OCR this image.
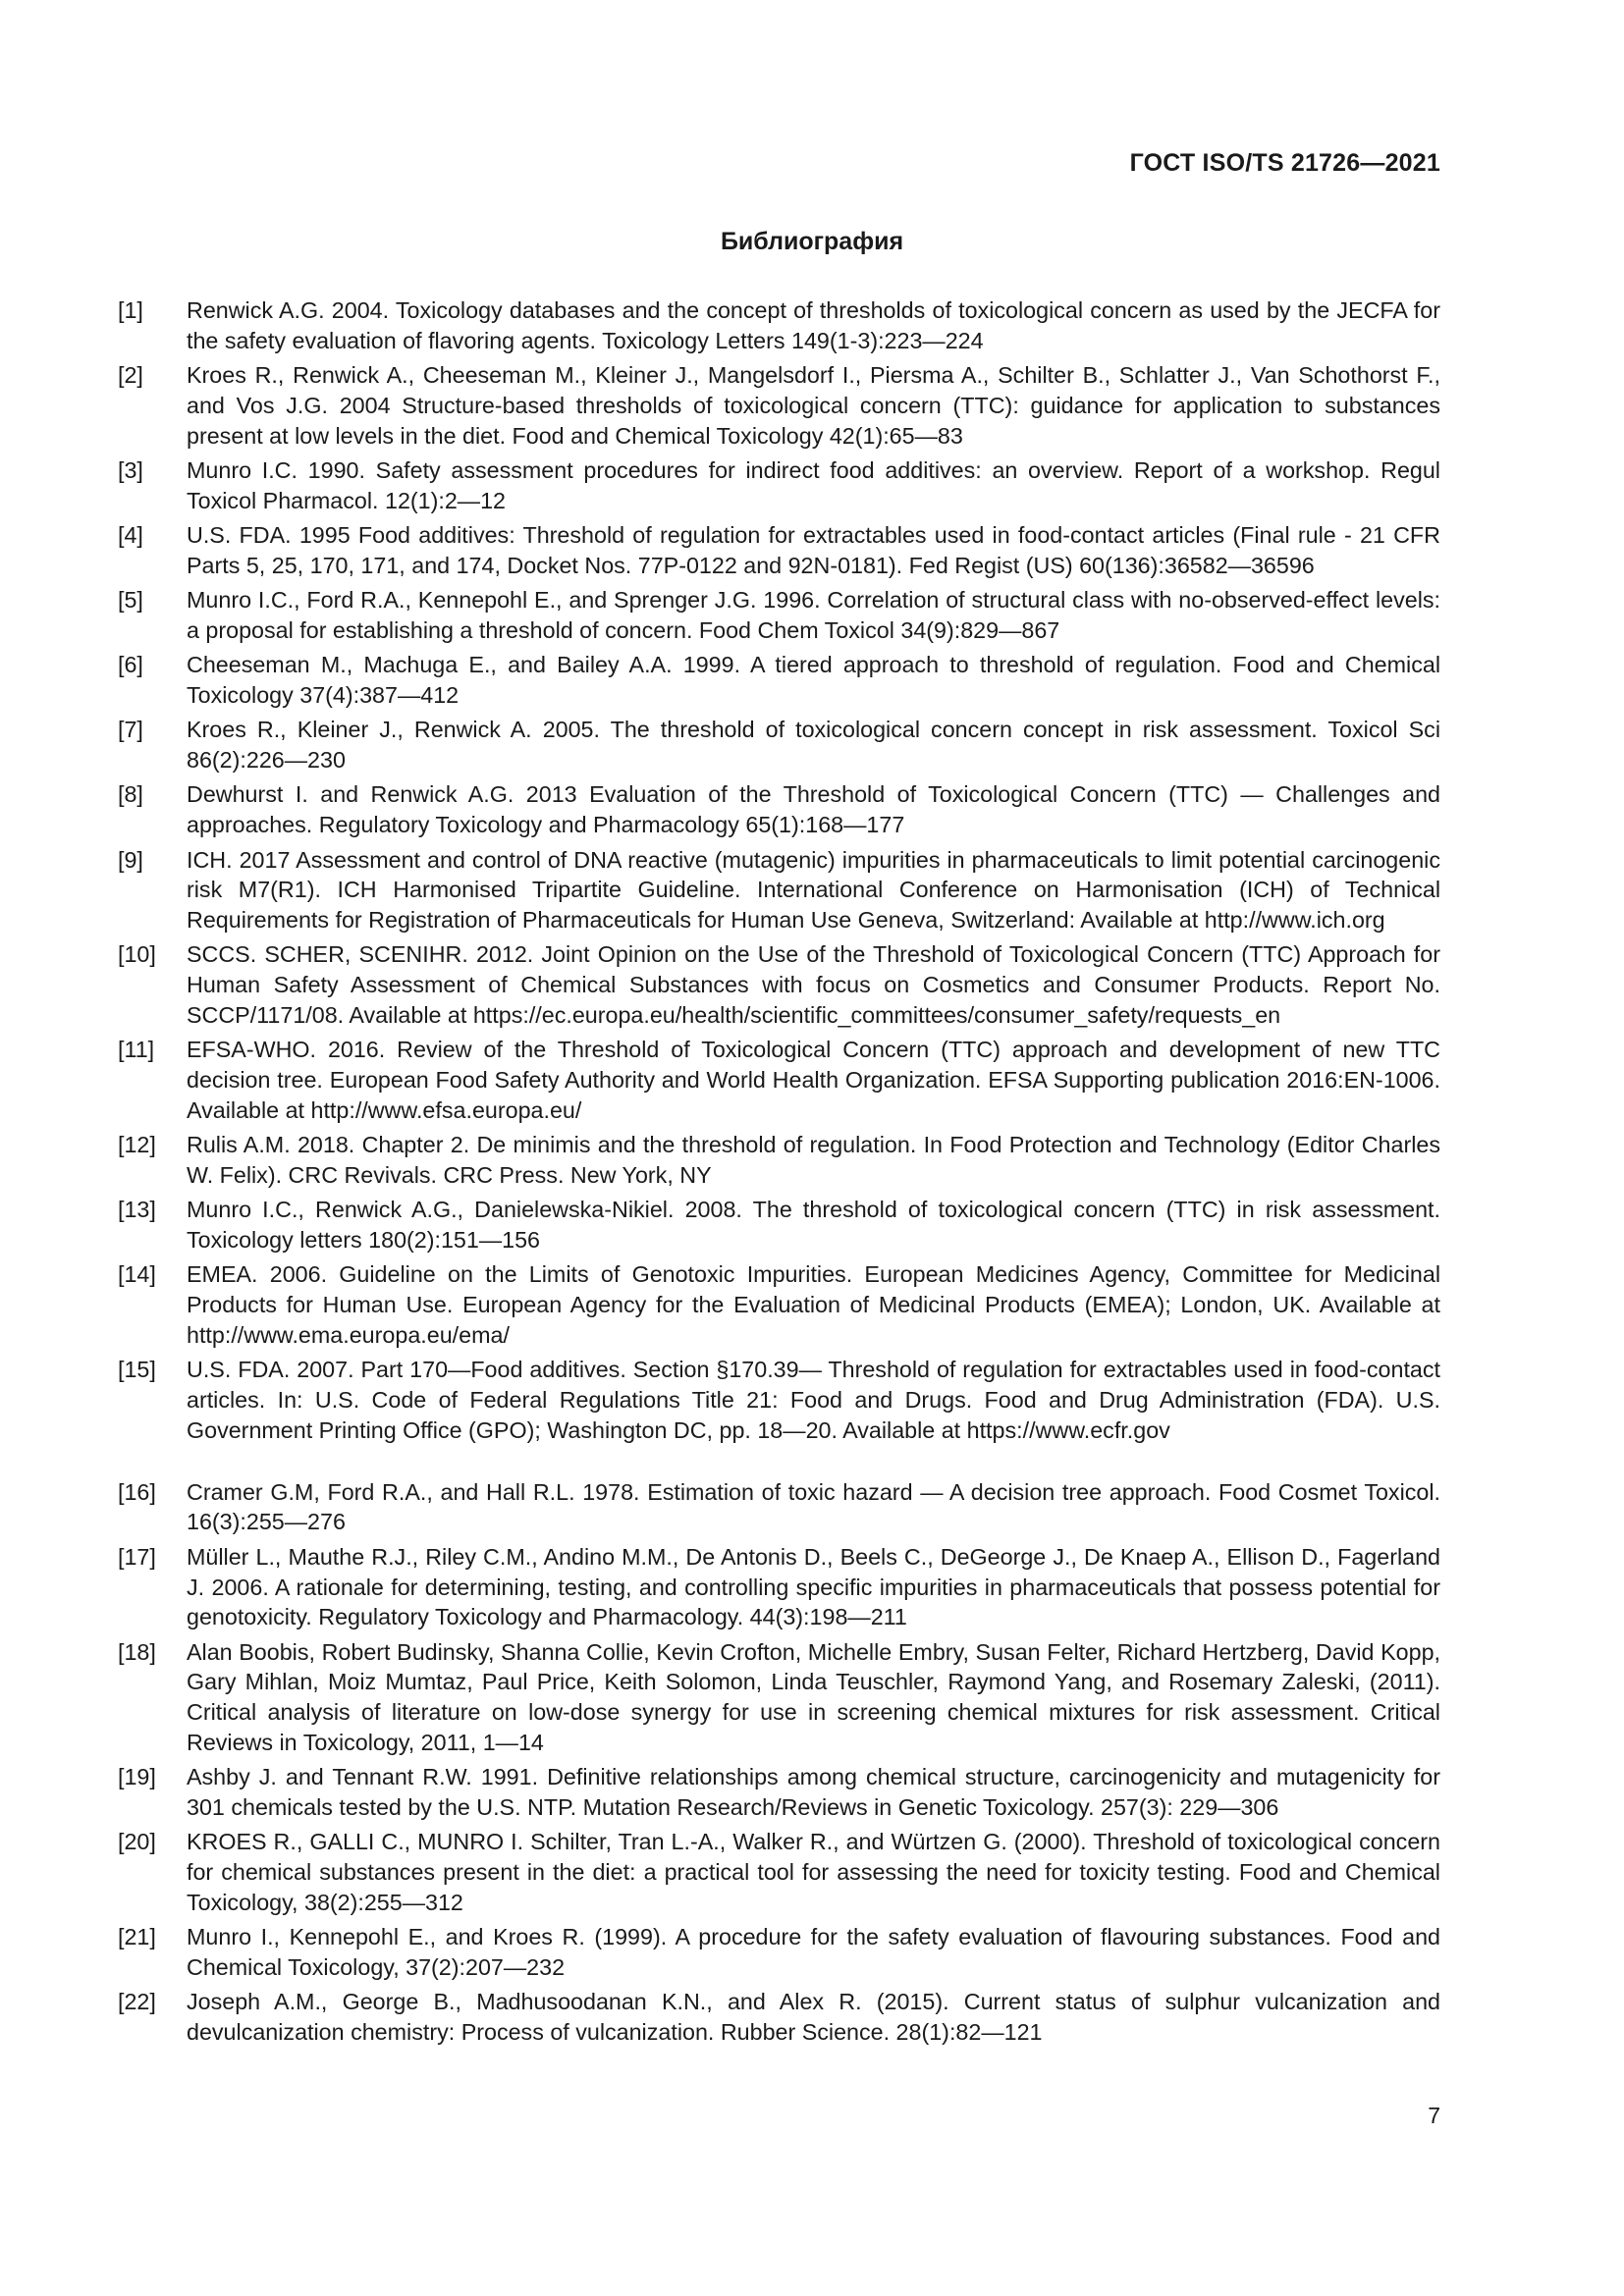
ГОСТ ISO/TS 21726—2021
Библиография
[1]	Renwick A.G. 2004. Toxicology databases and the concept of thresholds of toxicological concern as used by the JECFA for the safety evaluation of flavoring agents. Toxicology Letters 149(1-3):223—224
[2]	Kroes R., Renwick A., Cheeseman M., Kleiner J., Mangelsdorf I., Piersma A., Schilter B., Schlatter J., Van Schothorst F., and Vos J.G. 2004 Structure-based thresholds of toxicological concern (TTC): guidance for application to substances present at low levels in the diet. Food and Chemical Toxicology 42(1):65—83
[3]	Munro I.C. 1990. Safety assessment procedures for indirect food additives: an overview. Report of a workshop. Regul Toxicol Pharmacol. 12(1):2—12
[4]	U.S. FDA. 1995 Food additives: Threshold of regulation for extractables used in food-contact articles (Final rule - 21 CFR Parts 5, 25, 170, 171, and 174, Docket Nos. 77P-0122 and 92N-0181). Fed Regist (US) 60(136):36582—36596
[5]	Munro I.C., Ford R.A., Kennepohl E., and Sprenger J.G. 1996. Correlation of structural class with no-observed-effect levels: a proposal for establishing a threshold of concern. Food Chem Toxicol 34(9):829—867
[6]	Cheeseman M., Machuga E., and Bailey A.A. 1999. A tiered approach to threshold of regulation. Food and Chemical Toxicology 37(4):387—412
[7]	Kroes R., Kleiner J., Renwick A. 2005. The threshold of toxicological concern concept in risk assessment. Toxicol Sci 86(2):226—230
[8]	Dewhurst I. and Renwick A.G. 2013 Evaluation of the Threshold of Toxicological Concern (TTC) — Challenges and approaches. Regulatory Toxicology and Pharmacology 65(1):168—177
[9]	ICH. 2017 Assessment and control of DNA reactive (mutagenic) impurities in pharmaceuticals to limit potential carcinogenic risk M7(R1). ICH Harmonised Tripartite Guideline. International Conference on Harmonisation (ICH) of Technical Requirements for Registration of Pharmaceuticals for Human Use Geneva, Switzerland: Available at http://www.ich.org
[10]	SCCS. SCHER, SCENIHR. 2012. Joint Opinion on the Use of the Threshold of Toxicological Concern (TTC) Approach for Human Safety Assessment of Chemical Substances with focus on Cosmetics and Consumer Products. Report No. SCCP/1171/08. Available at https://ec.europa.eu/health/scientific_committees/consumer_safety/requests_en
[11]	EFSA-WHO. 2016. Review of the Threshold of Toxicological Concern (TTC) approach and development of new TTC decision tree. European Food Safety Authority and World Health Organization. EFSA Supporting publication 2016:EN-1006. Available at http://www.efsa.europa.eu/
[12]	Rulis A.M. 2018. Chapter 2. De minimis and the threshold of regulation. In Food Protection and Technology (Editor Charles W. Felix). CRC Revivals. CRC Press. New York, NY
[13]	Munro I.C., Renwick A.G., Danielewska-Nikiel. 2008. The threshold of toxicological concern (TTC) in risk assessment. Toxicology letters 180(2):151—156
[14]	EMEA. 2006. Guideline on the Limits of Genotoxic Impurities. European Medicines Agency, Committee for Medicinal Products for Human Use. European Agency for the Evaluation of Medicinal Products (EMEA); London, UK. Available at http://www.ema.europa.eu/ema/
[15]	U.S. FDA. 2007. Part 170—Food additives. Section §170.39— Threshold of regulation for extractables used in food-contact articles. In: U.S. Code of Federal Regulations Title 21: Food and Drugs. Food and Drug Administration (FDA). U.S. Government Printing Office (GPO); Washington DC, pp. 18—20. Available at https://www.ecfr.gov
[16]	Cramer G.M, Ford R.A., and Hall R.L. 1978. Estimation of toxic hazard — A decision tree approach. Food Cosmet Toxicol. 16(3):255—276
[17]	Müller L., Mauthe R.J., Riley C.M., Andino M.M., De Antonis D., Beels C., DeGeorge J., De Knaep A., Ellison D., Fagerland J. 2006. A rationale for determining, testing, and controlling specific impurities in pharmaceuticals that possess potential for genotoxicity. Regulatory Toxicology and Pharmacology. 44(3):198—211
[18]	Alan Boobis, Robert Budinsky, Shanna Collie, Kevin Crofton, Michelle Embry, Susan Felter, Richard Hertzberg, David Kopp, Gary Mihlan, Moiz Mumtaz, Paul Price, Keith Solomon, Linda Teuschler, Raymond Yang, and Rosemary Zaleski, (2011). Critical analysis of literature on low-dose synergy for use in screening chemical mixtures for risk assessment. Critical Reviews in Toxicology, 2011, 1—14
[19]	Ashby J. and Tennant R.W. 1991. Definitive relationships among chemical structure, carcinogenicity and mutagenicity for 301 chemicals tested by the U.S. NTP. Mutation Research/Reviews in Genetic Toxicology. 257(3): 229—306
[20]	KROES R., GALLI C., MUNRO I. Schilter, Tran L.-A., Walker R., and Würtzen G. (2000). Threshold of toxicological concern for chemical substances present in the diet: a practical tool for assessing the need for toxicity testing. Food and Chemical Toxicology, 38(2):255—312
[21]	Munro I., Kennepohl E., and Kroes R. (1999). A procedure for the safety evaluation of flavouring substances. Food and Chemical Toxicology, 37(2):207—232
[22]	Joseph A.M., George B., Madhusoodanan K.N., and Alex R. (2015). Current status of sulphur vulcanization and devulcanization chemistry: Process of vulcanization. Rubber Science. 28(1):82—121
7
